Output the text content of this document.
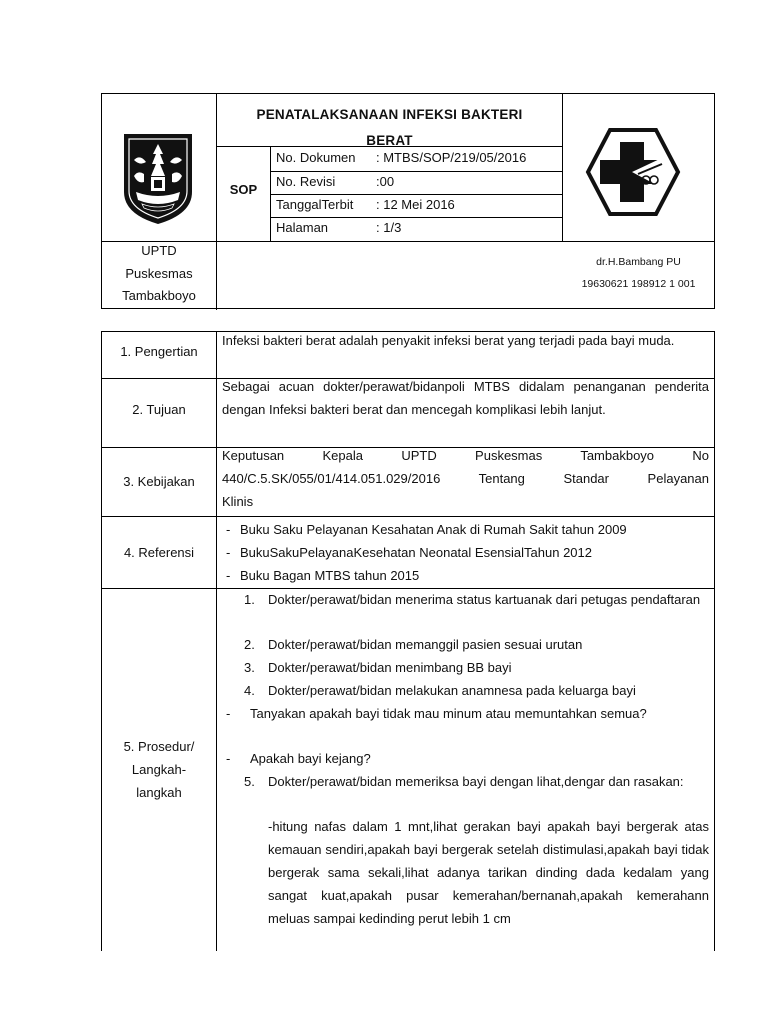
PENATALAKSANAAN INFEKSI BAKTERI
BERAT
SOP
No. Dokumen : MTBS/SOP/219/05/2016
No. Revisi	:00
TanggalTerbit : 12 Mei 2016
Halaman	: 1/3
UPTD
Puskesmas
Tambakboyo
dr.H.Bambang PU
19630621 198912 1 001
1. Pengertian
Infeksi bakteri berat adalah penyakit infeksi berat yang terjadi pada bayi muda.
2. Tujuan
Sebagai acuan dokter/perawat/bidanpoli MTBS didalam penanganan penderita dengan Infeksi bakteri berat dan mencegah komplikasi lebih lanjut.
3. Kebijakan
Keputusan Kepala UPTD Puskesmas Tambakboyo No
440/C.5.SK/055/01/414.051.029/2016 Tentang Standar Pelayanan
Klinis
4. Referensi
- Buku Saku Pelayanan Kesahatan Anak di Rumah Sakit tahun 2009
- BukuSakuPelayanaKesehatan Neonatal EsensialTahun 2012
- Buku Bagan MTBS tahun 2015
5. Prosedur/
Langkah-
langkah
1. Dokter/perawat/bidan menerima status kartuanak dari petugas pendaftaran
2. Dokter/perawat/bidan memanggil pasien sesuai urutan
3. Dokter/perawat/bidan menimbang BB bayi
4. Dokter/perawat/bidan melakukan anamnesa pada keluarga bayi
- Tanyakan apakah bayi tidak mau minum atau memuntahkan semua?
- Apakah bayi kejang?
5. Dokter/perawat/bidan memeriksa bayi dengan lihat,dengar dan rasakan:
-hitung nafas dalam 1 mnt,lihat gerakan bayi apakah bayi bergerak atas kemauan sendiri,apakah bayi bergerak setelah distimulasi,apakah bayi tidak bergerak sama sekali,lihat adanya tarikan dinding dada kedalam yang sangat kuat,apakah pusar kemerahan/bernanah,apakah kemerahann meluas sampai kedinding perut lebih 1 cm
